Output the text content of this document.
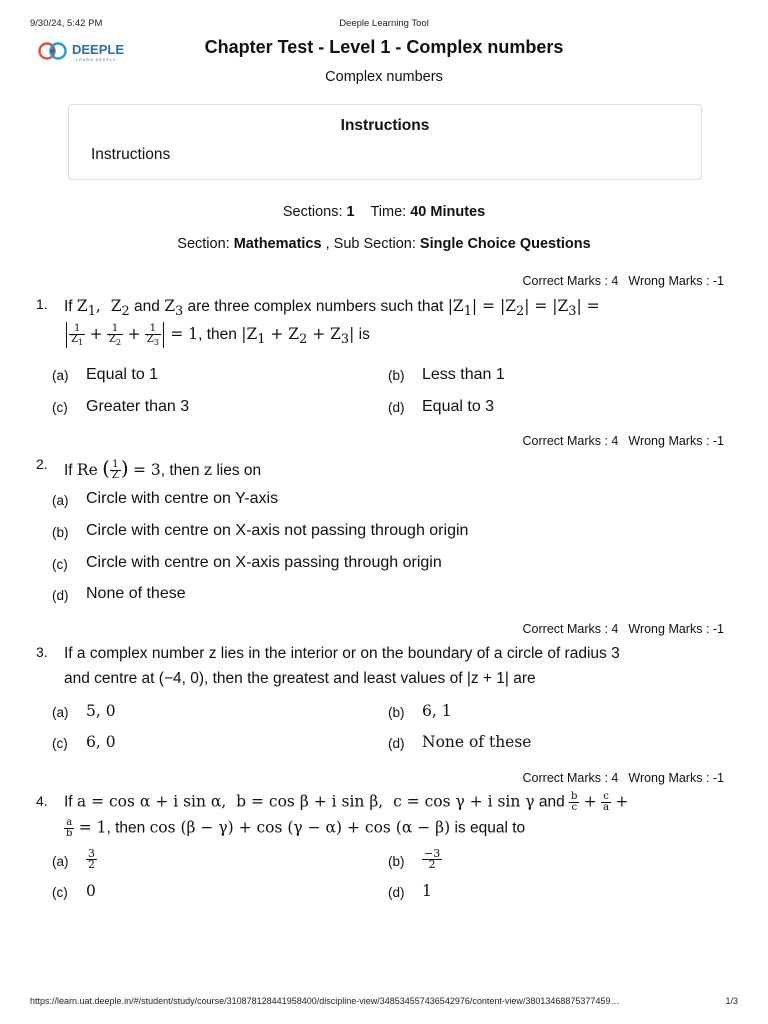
9/30/24, 5:42 PM	Deeple Learning Tool
DEEPLE
LEARN DEEPLY
Chapter Test - Level 1 - Complex numbers
Complex numbers
Instructions
Instructions
Sections: 1 Time: 40 Minutes
Section: Mathematics , Sub Section: Single Choice Questions
Correct Marks : 4 Wrong Marks : -1
1. If $Z_1$,  $Z_2$ and $Z_3$ are three complex numbers such that $|Z_1| = |Z_2| = |Z_3|$ =
$\frac{1}{Z_1} + \frac{1}{Z_2} + \frac{1}{Z_3} = 1$, then $|Z_1 + Z_2 + Z_3|$ is
(a) Equal to 1	(b) Less than 1
(c) Greater than 3	(d) Equal to 3
Correct Marks : 4 Wrong Marks : -1
2. If Re ( $\frac{1}{Z}$ ) = 3, then z lies on
(a) Circle with centre on Y-axis
(b) Circle with centre on X-axis not passing through origin
(c) Circle with centre on X-axis passing through origin
(d) None of these
Correct Marks : 4 Wrong Marks : -1
3. If a complex number z lies in the interior or on the boundary of a circle of radius 3
and centre at (−4, 0), then the greatest and least values of |z + 1| are
(a) 5, 0	(b) 6, 1
(c) 6, 0	(d) None of these
Correct Marks : 4 Wrong Marks : -1
4. If a = cos α + i sin α,  b = cos β + i sin β,  c = cos γ + i sin γ and $\frac{b}{c} + \frac{c}{a}$ +
$\frac{a}{b} = 1$, then cos (β − γ) + cos (γ − α) + cos (α − β) is equal to
$(a) \frac{3}{2}$	$(b) \frac{-3}{2}$
(c) 0	(d) 1
https://learn.uat.deeple.in/#/student/study/course/310878128441958400/discipline-view/348534557436542976/content-view/38013468875377459…	1/3
